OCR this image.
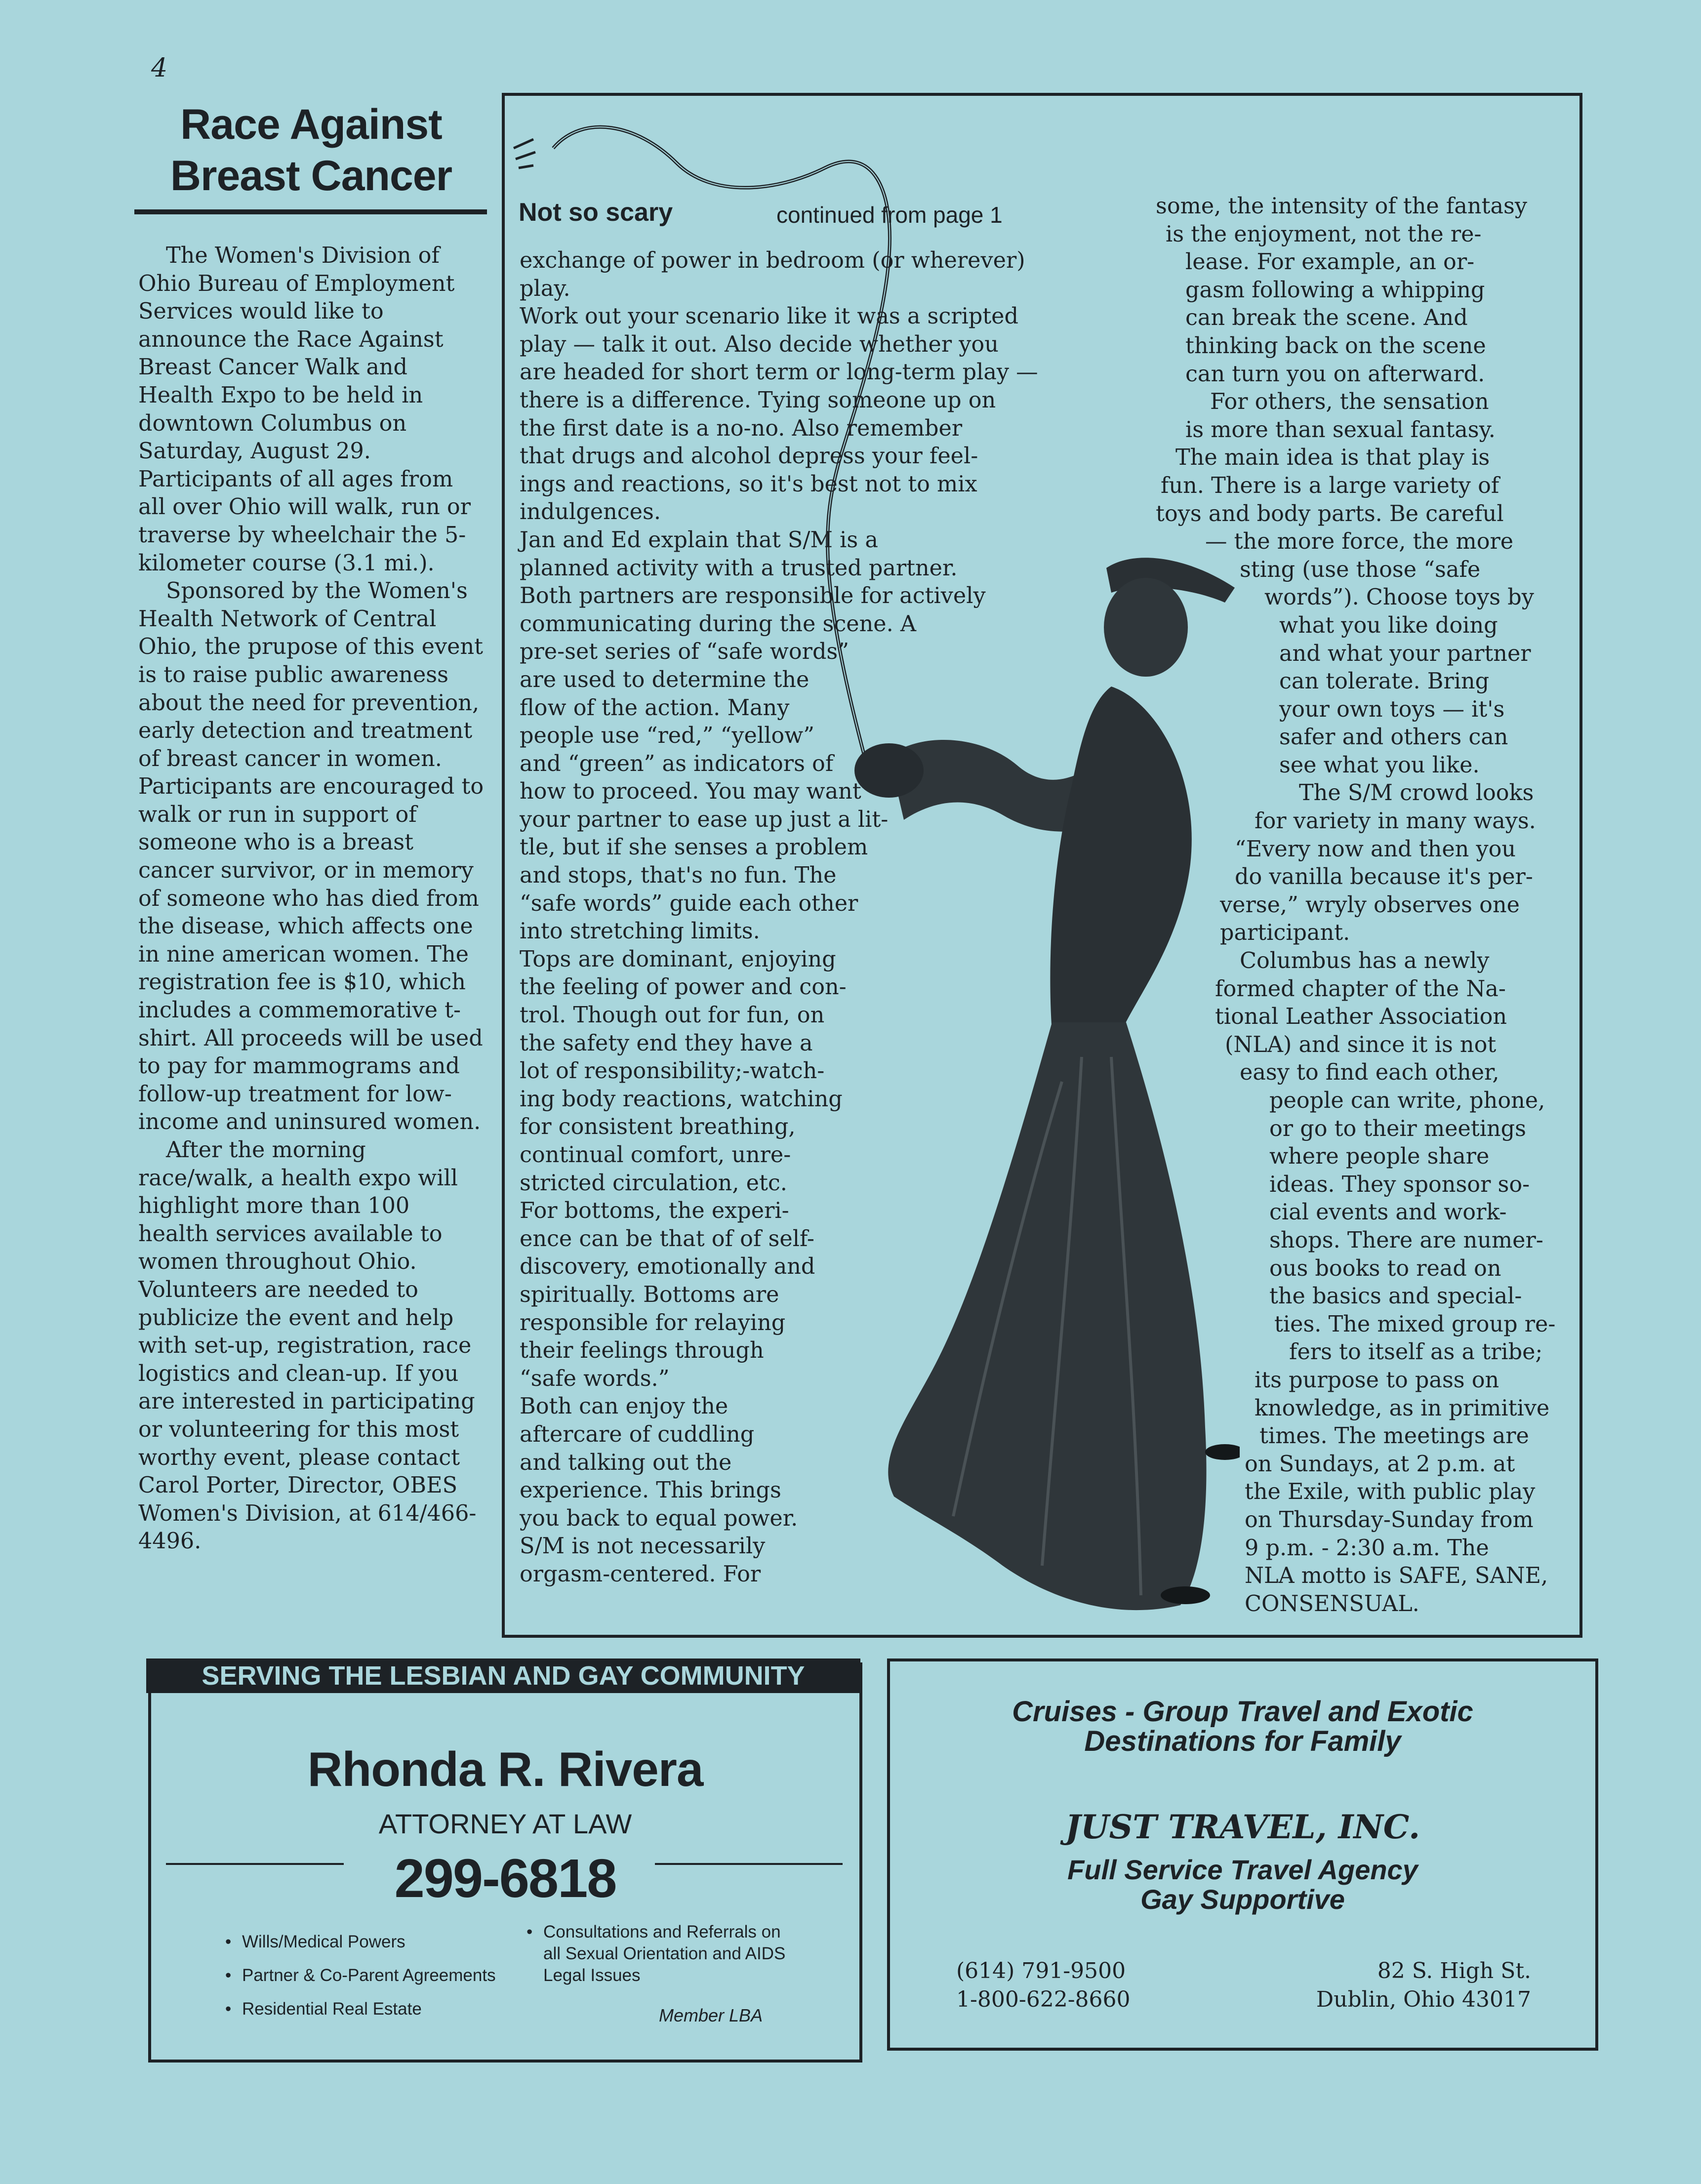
4
Race Against
Breast Cancer

The Women's Division of Ohio Bureau of Employment Services would like to announce the Race Against Breast Cancer Walk and Health Expo to be held in downtown Columbus on Saturday, August 29. Participants of all ages from all over Ohio will walk, run or traverse by wheelchair the 5-kilometer course (3.1 mi.).

Sponsored by the Women's Health Network of Central Ohio, the prupose of this event is to raise public awareness about the need for prevention, early detection and treatment of breast cancer in women. Participants are encouraged to walk or run in support of someone who is a breast cancer survivor, or in memory of someone who has died from the disease, which affects one in nine american women. The registration fee is $10, which includes a commemorative t-shirt. All proceeds will be used to pay for mammograms and follow-up treatment for low-income and uninsured women.

After the morning race/walk, a health expo will highlight more than 100 health services available to women throughout Ohio. Volunteers are needed to publicize the event and help with set-up, registration, race logistics and clean-up. If you are interested in participating or volunteering for this most worthy event, please contact Carol Porter, Director, OBES Women's Division, at 614/466-4496.

Not so scary	continued from page 1
exchange of power in bedroom (or wherever)
play.
Work out your scenario like it was a scripted
play — talk it out. Also decide whether you
are headed for short term or long-term play —
there is a difference. Tying someone up on
the first date is a no-no. Also remember
that drugs and alcohol depress your feel-
ings and reactions, so it's best not to mix
indulgences.
Jan and Ed explain that S/M is a
planned activity with a trusted partner.
Both partners are responsible for actively
communicating during the scene. A
pre-set series of “safe words”
are used to determine the
flow of the action. Many
people use “red,” “yellow”
and “green” as indicators of
how to proceed. You may want
your partner to ease up just a lit-
tle, but if she senses a problem
and stops, that's no fun. The
“safe words” guide each other
into stretching limits.
Tops are dominant, enjoying
the feeling of power and con-
trol. Though out for fun, on
the safety end they have a
lot of responsibility;-watch-
ing body reactions, watching
for consistent breathing,
continual comfort, unre-
stricted circulation, etc.
For bottoms, the experi-
ence can be that of of self-
discovery, emotionally and
spiritually. Bottoms are
responsible for relaying
their feelings through
“safe words.”
Both can enjoy the
aftercare of cuddling
and talking out the
experience. This brings
you back to equal power.
S/M is not necessarily
orgasm-centered. For
some, the intensity of the fantasy
is the enjoyment, not the re-
lease. For example, an or-
gasm following a whipping
can break the scene. And
thinking back on the scene
can turn you on afterward.
For others, the sensation
is more than sexual fantasy.
The main idea is that play is
fun. There is a large variety of
toys and body parts. Be careful
— the more force, the more
sting (use those “safe
words”). Choose toys by
what you like doing
and what your partner
can tolerate. Bring
your own toys — it's
safer and others can
see what you like.
The S/M crowd looks
for variety in many ways.
“Every now and then you
do vanilla because it's per-
verse,” wryly observes one
participant.
Columbus has a newly
formed chapter of the Na-
tional Leather Association
(NLA) and since it is not
easy to find each other,
people can write, phone,
or go to their meetings
where people share
ideas. They sponsor so-
cial events and work-
shops. There are numer-
ous books to read on
the basics and special-
ties. The mixed group re-
fers to itself as a tribe;
its purpose to pass on
knowledge, as in primitive
times. The meetings are
on Sundays, at 2 p.m. at
the Exile, with public play
on Thursday-Sunday from
9 p.m. - 2:30 a.m. The
NLA motto is SAFE, SANE,
CONSENSUAL.
SERVING THE LESBIAN AND GAY COMMUNITY
Rhonda R. Rivera
ATTORNEY AT LAW
299-6818
• Wills/Medical Powers
• Partner & Co-Parent Agreements
• Residential Real Estate
• Consultations and Referrals on all Sexual Orientation and AIDS Legal Issues
Member LBA
Cruises - Group Travel and Exotic
Destinations for Family
JUST TRAVEL, INC.
Full Service Travel Agency
Gay Supportive
(614) 791-9500
1-800-622-8660
82 S. High St.
Dublin, Ohio 43017
